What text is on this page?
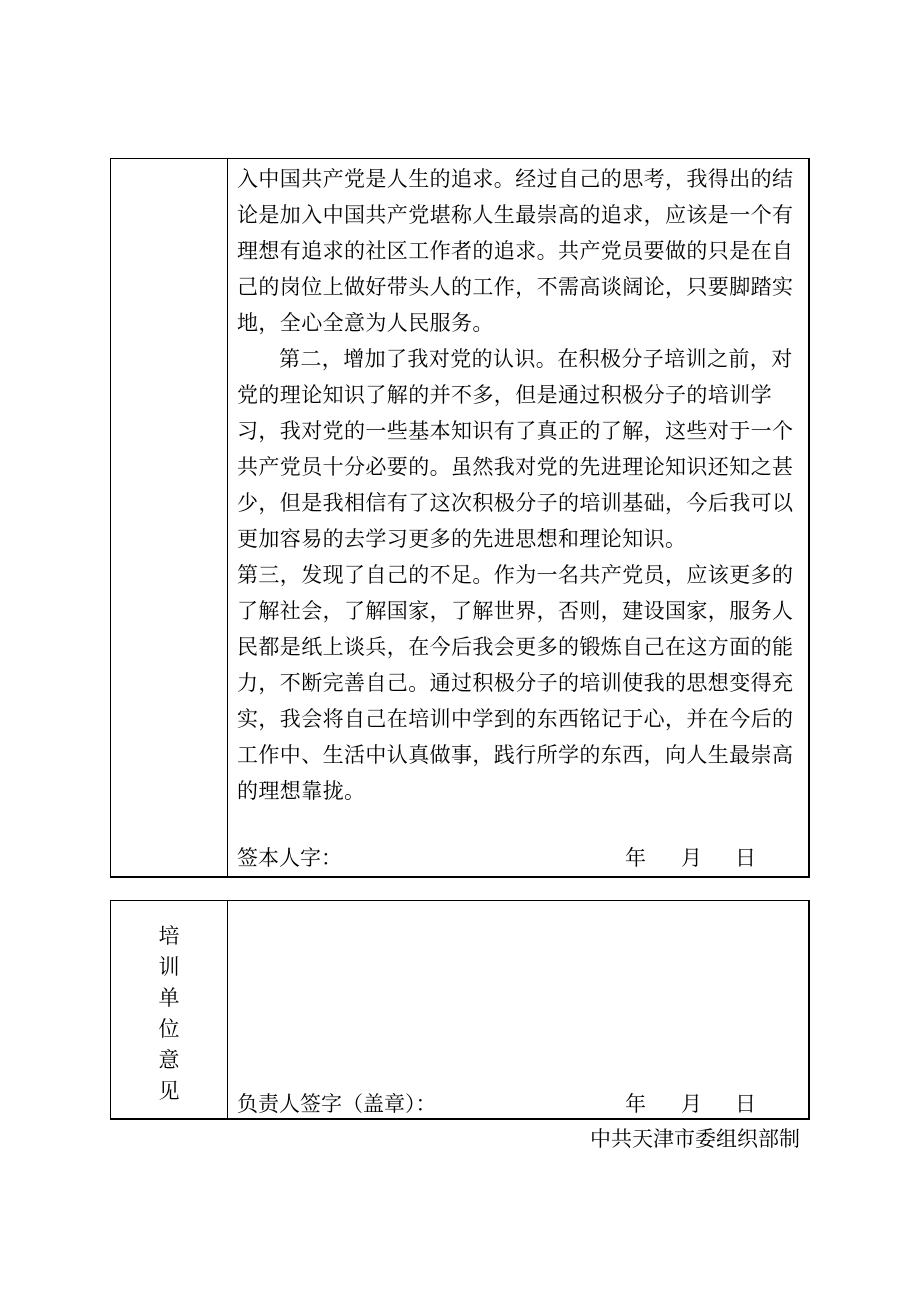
入中国共产党是人生的追求。经过自己的思考，我得出的结论是加入中国共产党堪称人生最崇高的追求，应该是一个有理想有追求的社区工作者的追求。共产党员要做的只是在自己的岗位上做好带头人的工作，不需高谈阔论，只要脚踏实地，全心全意为人民服务。

第二，增加了我对党的认识。在积极分子培训之前，对党的理论知识了解的并不多，但是通过积极分子的培训学习，我对党的一些基本知识有了真正的了解，这些对于一个共产党员十分必要的。虽然我对党的先进理论知识还知之甚少，但是我相信有了这次积极分子的培训基础，今后我可以更加容易的去学习更多的先进思想和理论知识。

第三，发现了自己的不足。作为一名共产党员，应该更多的了解社会，了解国家，了解世界，否则，建设国家，服务人民都是纸上谈兵，在今后我会更多的锻炼自己在这方面的能力，不断完善自己。通过积极分子的培训使我的思想变得充实，我会将自己在培训中学到的东西铭记于心，并在今后的工作中、生活中认真做事，践行所学的东西，向人生最崇高的理想靠拢。

签本人字：	年 月 日
培
训
单
位
意
见
负责人签字（盖章）：	年 月 日
中共天津市委组织部制
